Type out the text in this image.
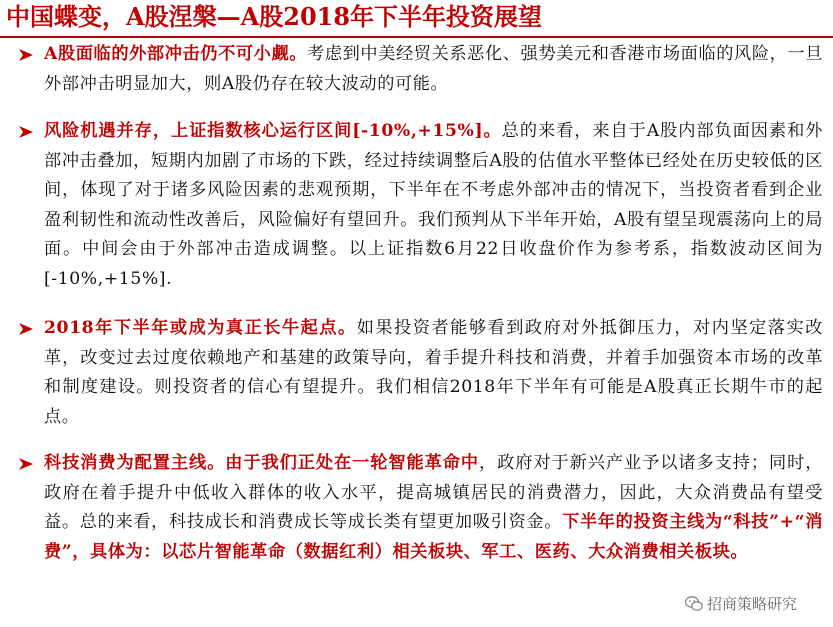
中国蝶变，A股涅槃—A股2018年下半年投资展望
A股面临的外部冲击仍不可小觑。考虑到中美经贸关系恶化、强势美元和香港市场面临的风险，一旦外部冲击明显加大，则A股仍存在较大波动的可能。
风险机遇并存，上证指数核心运行区间[-10%,+15%]。总的来看，来自于A股内部负面因素和外部冲击叠加，短期内加剧了市场的下跌，经过持续调整后A股的估值水平整体已经处在历史较低的区间，体现了对于诸多风险因素的悲观预期，下半年在不考虑外部冲击的情况下，当投资者看到企业盈利韧性和流动性改善后，风险偏好有望回升。我们预判从下半年开始，A股有望呈现震荡向上的局面。中间会由于外部冲击造成调整。以上证指数6月22日收盘价作为参考系，指数波动区间为[-10%,+15%].
2018年下半年或成为真正长牛起点。如果投资者能够看到政府对外抵御压力，对内坚定落实改革，改变过去过度依赖地产和基建的政策导向，着手提升科技和消费，并着手加强资本市场的改革和制度建设。则投资者的信心有望提升。我们相信2018年下半年有可能是A股真正长期牛市的起点。
科技消费为配置主线。由于我们正处在一轮智能革命中，政府对于新兴产业予以诸多支持；同时，政府在着手提升中低收入群体的收入水平，提高城镇居民的消费潜力，因此，大众消费品有望受益。总的来看，科技成长和消费成长等成长类有望更加吸引资金。下半年的投资主线为“科技”+“消费”，具体为：以芯片智能革命（数据红利）相关板块、军工、医药、大众消费相关板块。
招商策略研究
